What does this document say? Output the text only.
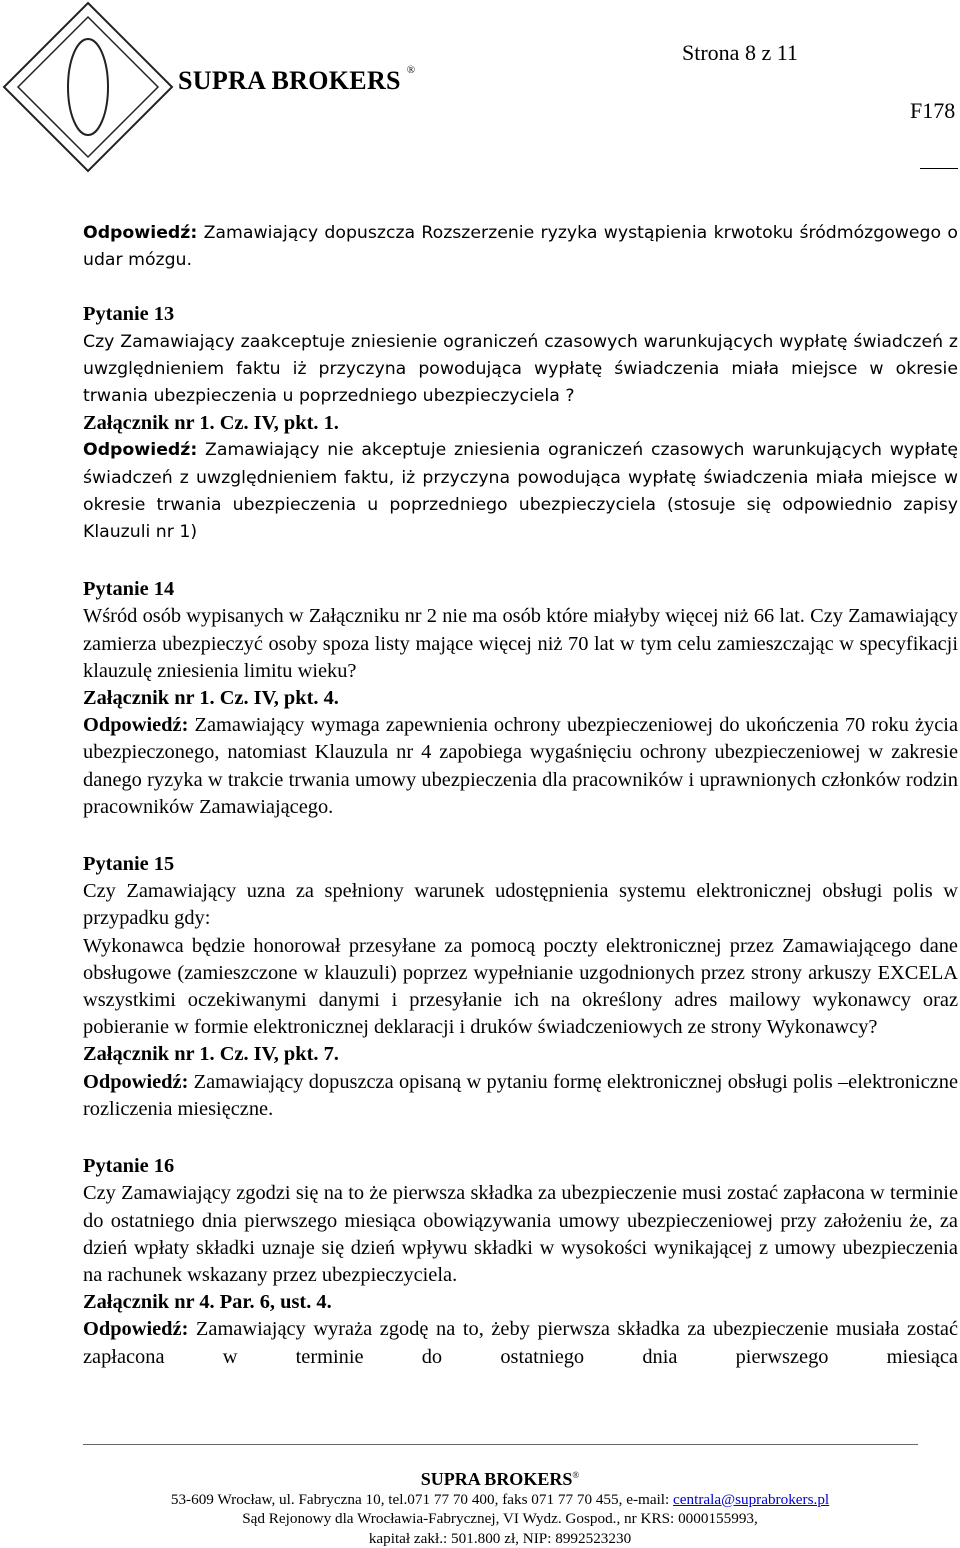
SUPRA BROKERS ®
Strona 8 z 11
F178

Odpowiedź: Zamawiający dopuszcza Rozszerzenie ryzyka wystąpienia krwotoku śródmózgowego o udar mózgu.

Pytanie 13

Czy Zamawiający zaakceptuje zniesienie ograniczeń czasowych warunkujących wypłatę świadczeń z uwzględnieniem faktu iż przyczyna powodująca wypłatę świadczenia miała miejsce w okresie trwania ubezpieczenia u poprzedniego ubezpieczyciela ?

Załącznik nr 1. Cz. IV, pkt. 1.

Odpowiedź: Zamawiający nie akceptuje zniesienia ograniczeń czasowych warunkujących wypłatę świadczeń z uwzględnieniem faktu, iż przyczyna powodująca wypłatę świadczenia miała miejsce w okresie trwania ubezpieczenia u poprzedniego ubezpieczyciela (stosuje się odpowiednio zapisy Klauzuli nr 1)

Pytanie 14

Wśród osób wypisanych w Załączniku nr 2 nie ma osób które miałyby więcej niż 66 lat. Czy Zamawiający zamierza ubezpieczyć osoby spoza listy mające więcej niż 70 lat w tym celu zamieszczając w specyfikacji klauzulę zniesienia limitu wieku?

Załącznik nr 1. Cz. IV, pkt. 4.

Odpowiedź: Zamawiający wymaga zapewnienia ochrony ubezpieczeniowej do ukończenia 70 roku życia ubezpieczonego, natomiast Klauzula nr 4 zapobiega wygaśnięciu ochrony ubezpieczeniowej w zakresie danego ryzyka w trakcie trwania umowy ubezpieczenia dla pracowników i uprawnionych członków rodzin pracowników Zamawiającego.

Pytanie 15

Czy Zamawiający uzna za spełniony warunek udostępnienia systemu elektronicznej obsługi polis w przypadku gdy:

Wykonawca będzie honorował przesyłane za pomocą poczty elektronicznej przez Zamawiającego dane obsługowe (zamieszczone w klauzuli) poprzez wypełnianie uzgodnionych przez strony arkuszy EXCELA wszystkimi oczekiwanymi danymi i przesyłanie ich na określony adres mailowy wykonawcy oraz pobieranie w formie elektronicznej deklaracji i druków świadczeniowych ze strony Wykonawcy?

Załącznik nr 1. Cz. IV, pkt. 7.

Odpowiedź: Zamawiający dopuszcza opisaną w pytaniu formę elektronicznej obsługi polis –elektroniczne rozliczenia miesięczne.

Pytanie 16

Czy Zamawiający zgodzi się na to że pierwsza składka za ubezpieczenie musi zostać zapłacona w terminie do ostatniego dnia pierwszego miesiąca obowiązywania umowy ubezpieczeniowej przy założeniu że, za dzień wpłaty składki uznaje się dzień wpływu składki w wysokości wynikającej z umowy ubezpieczenia na rachunek wskazany przez ubezpieczyciela.

Załącznik nr 4. Par. 6, ust. 4.

Odpowiedź: Zamawiający wyraża zgodę na to, żeby pierwsza składka za ubezpieczenie musiała zostać zapłacona w terminie do ostatniego dnia pierwszego miesiąca

SUPRA BROKERS®
53-609 Wrocław, ul. Fabryczna 10, tel.071 77 70 400, faks 071 77 70 455, e-mail: centrala@suprabrokers.pl
Sąd Rejonowy dla Wrocławia-Fabrycznej, VI Wydz. Gospod., nr KRS: 0000155993,
kapitał zakł.: 501.800 zł, NIP: 8992523230
